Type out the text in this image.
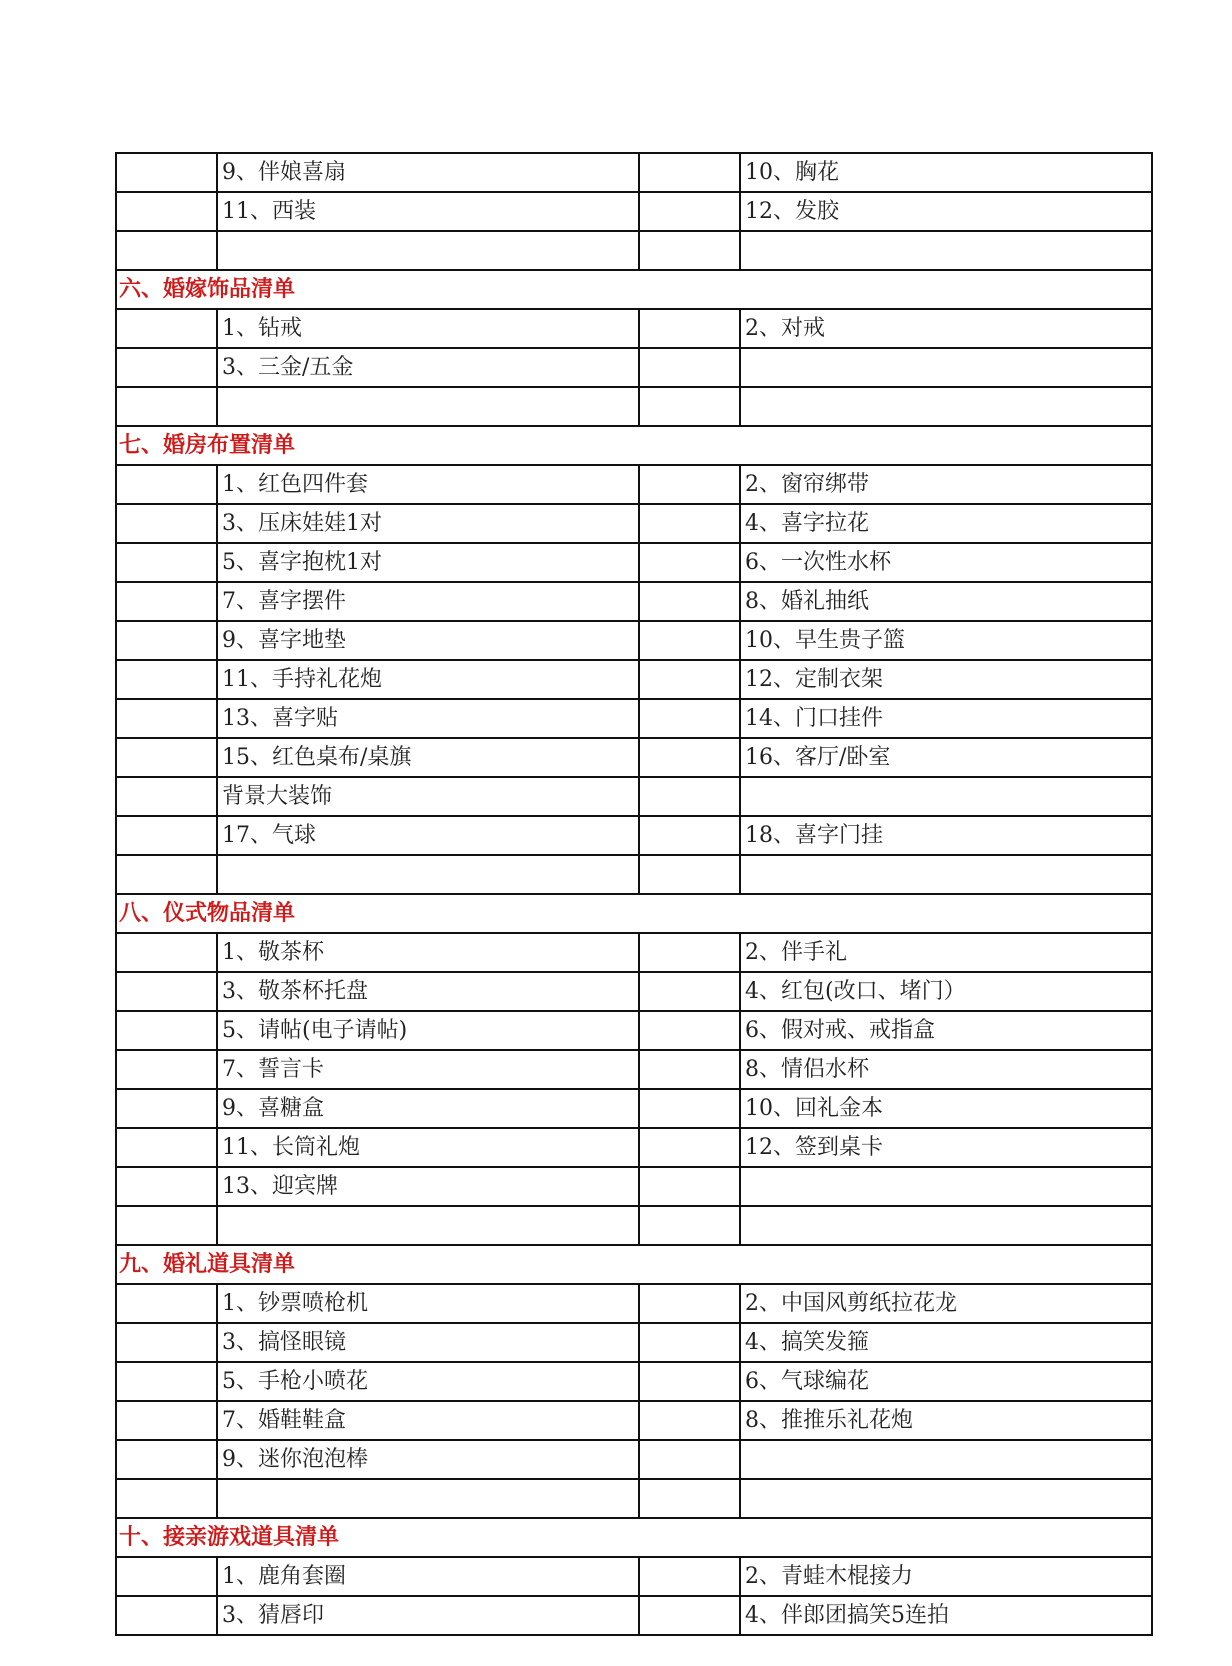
	9、伴娘喜扇		10、胸花
	11、西装		12、发胶

六、婚嫁饰品清单			
	1、钻戒		2、对戒
	3、三金/五金		

七、婚房布置清单			
	1、红色四件套		2、窗帘绑带
	3、压床娃娃1对		4、喜字拉花
	5、喜字抱枕1对		6、一次性水杯
	7、喜字摆件		8、婚礼抽纸
	9、喜字地垫		10、早生贵子篮
	11、手持礼花炮		12、定制衣架
	13、喜字贴		14、门口挂件
	15、红色桌布/桌旗		16、客厅/卧室
	背景大装饰		
	17、气球		18、喜字门挂

八、仪式物品清单			
	1、敬茶杯		2、伴手礼
	3、敬茶杯托盘		4、红包(改口、堵门）
	5、请帖(电子请帖)		6、假对戒、戒指盒
	7、誓言卡		8、情侣水杯
	9、喜糖盒		10、回礼金本
	11、长筒礼炮		12、签到桌卡
	13、迎宾牌		

九、婚礼道具清单			
	1、钞票喷枪机		2、中国风剪纸拉花龙
	3、搞怪眼镜		4、搞笑发箍
	5、手枪小喷花		6、气球编花
	7、婚鞋鞋盒		8、推推乐礼花炮
	9、迷你泡泡棒		

十、接亲游戏道具清单			
	1、鹿角套圈		2、青蛙木棍接力
	3、猜唇印		4、伴郎团搞笑5连拍
